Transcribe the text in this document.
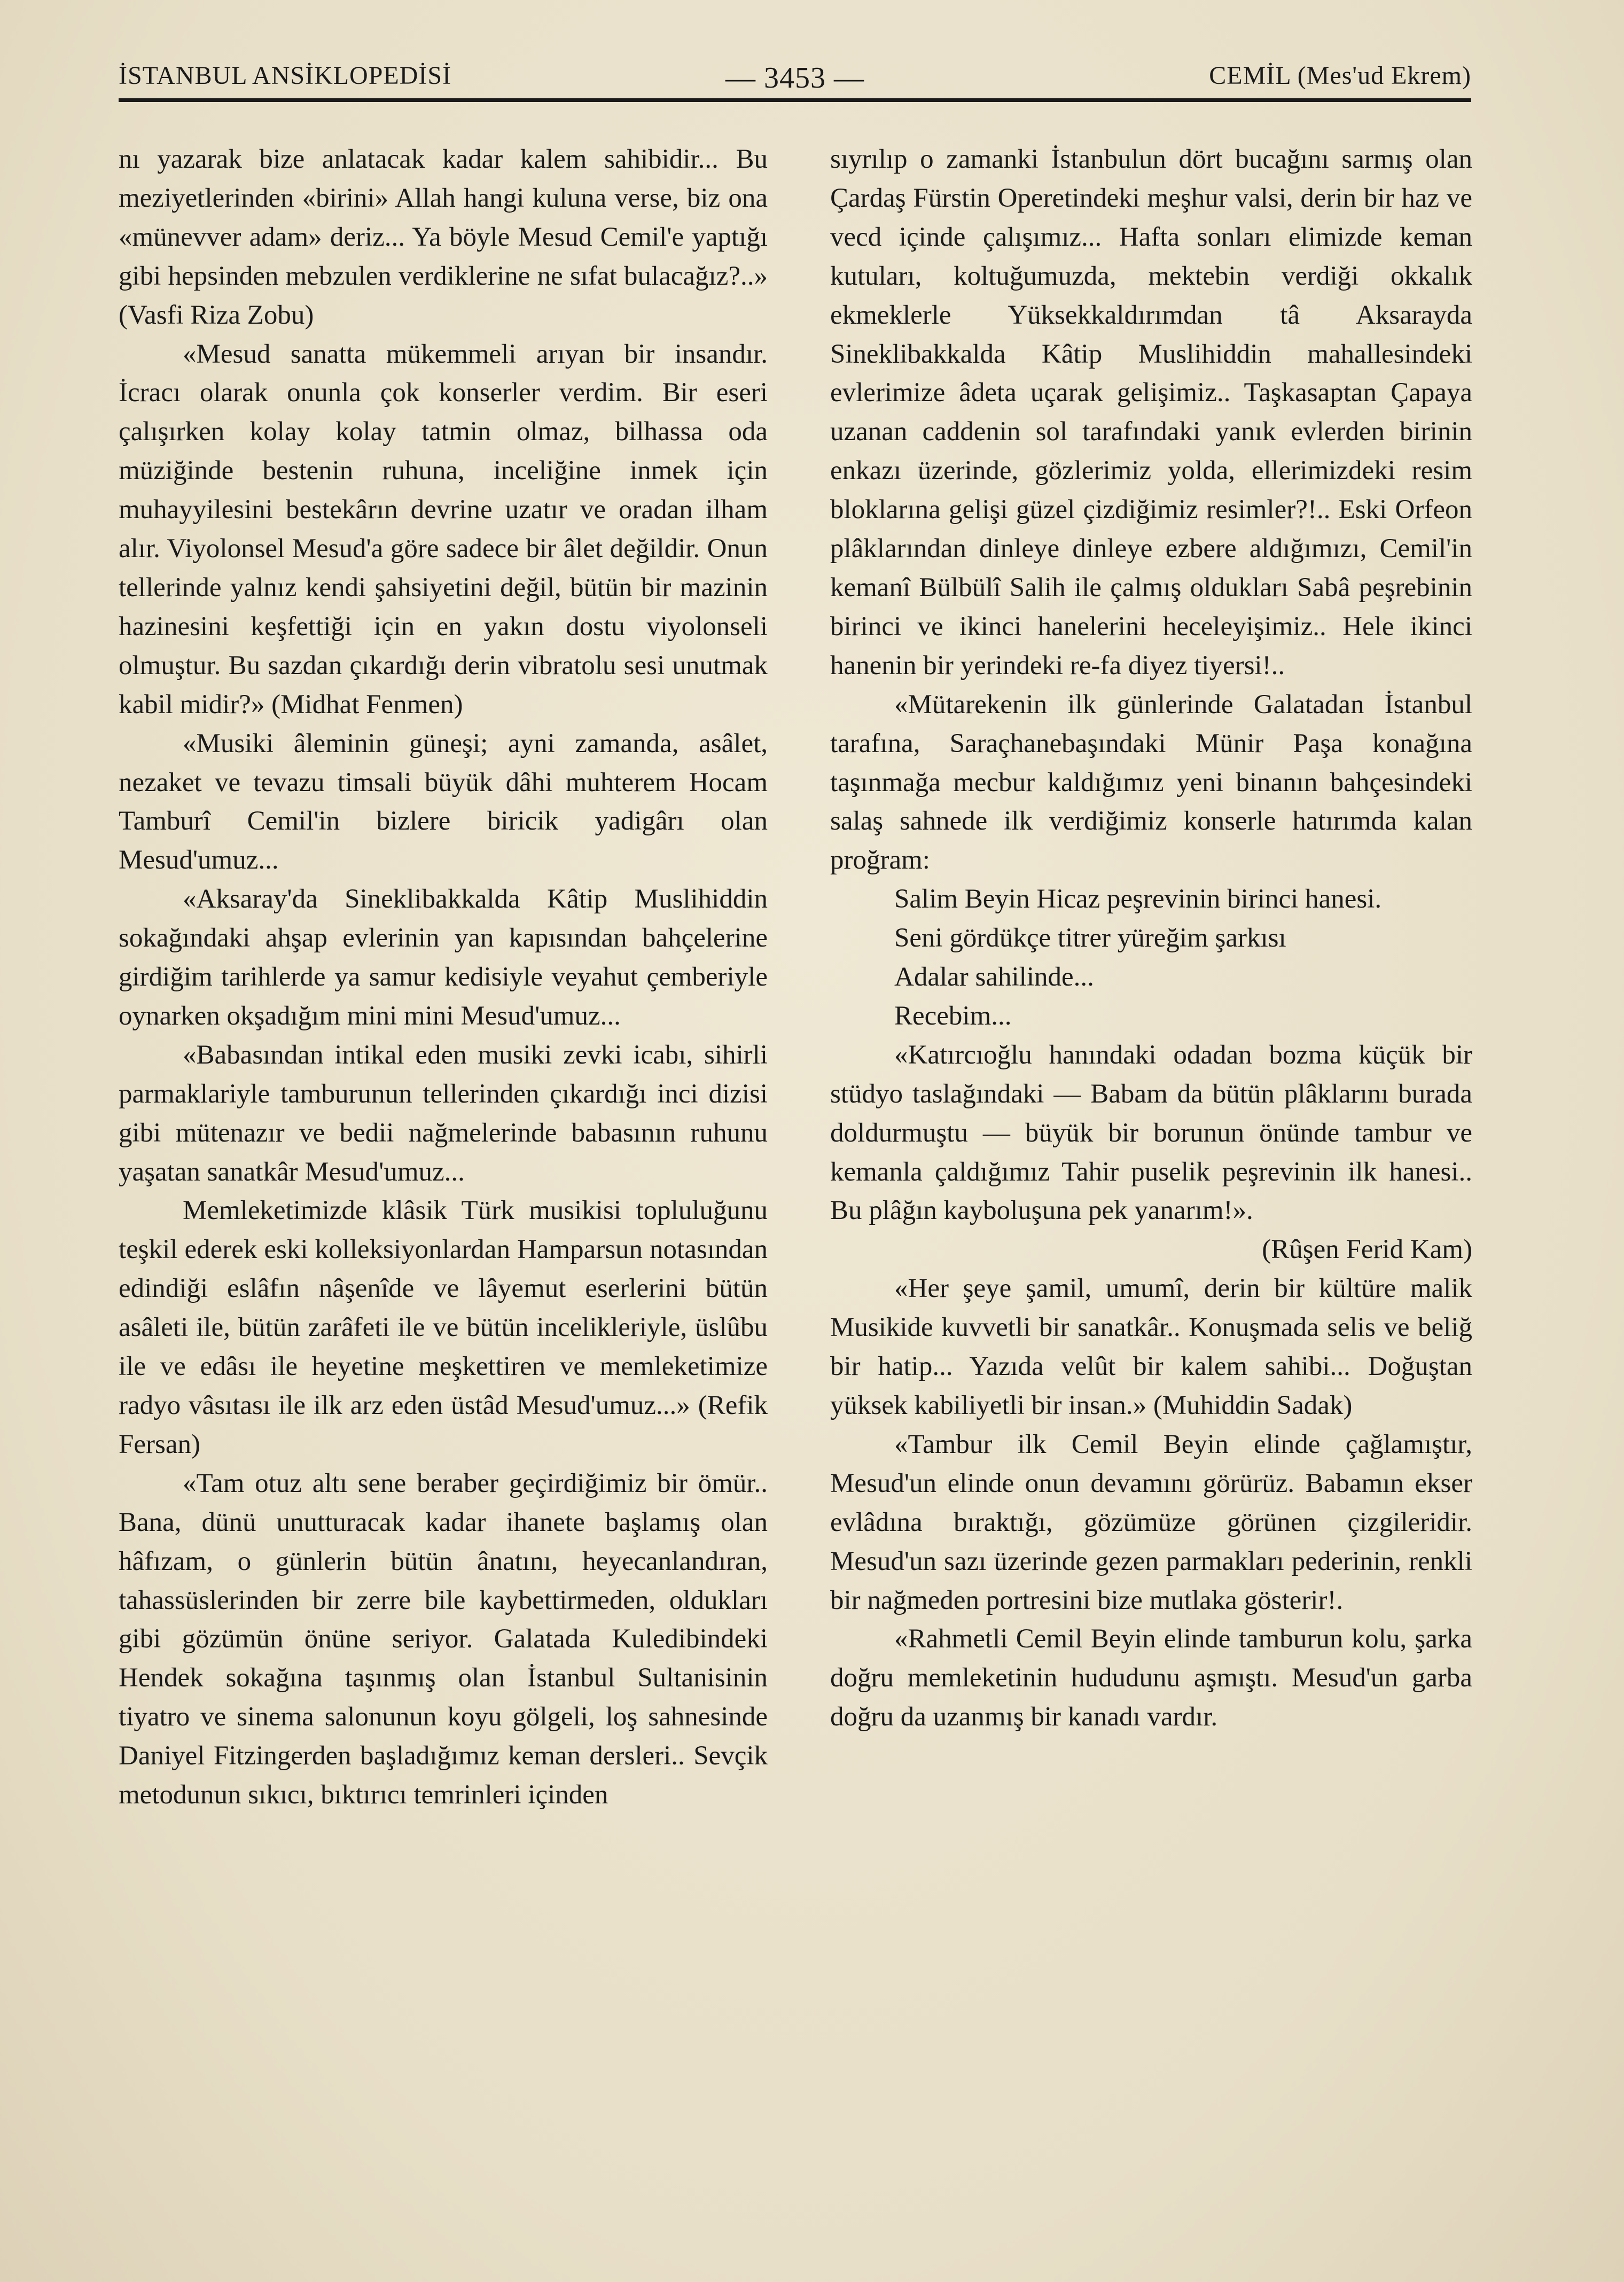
İSTANBUL ANSİKLOPEDİSİ	— 3453 —	CEMİL (Mes'ud Ekrem)

nı yazarak bize anlatacak kadar kalem sahibidir... Bu meziyetlerinden «birini» Allah hangi kuluna verse, biz ona «münevver adam» deriz... Ya böyle Mesud Cemil'e yaptığı gibi hepsinden mebzulen verdiklerine ne sıfat bulacağız?..» (Vasfi Riza Zobu)

«Mesud sanatta mükemmeli arıyan bir insandır. İcracı olarak onunla çok konserler verdim. Bir eseri çalışırken kolay kolay tatmin olmaz, bilhassa oda müziğinde bestenin ruhuna, inceliğine inmek için muhayyilesini bestekârın devrine uzatır ve oradan ilham alır. Viyolonsel Mesud'a göre sadece bir âlet değildir. Onun tellerinde yalnız kendi şahsiyetini değil, bütün bir mazinin hazinesini keşfettiği için en yakın dostu viyolonseli olmuştur. Bu sazdan çıkardığı derin vibratolu sesi unutmak kabil midir?» (Midhat Fenmen)

«Musiki âleminin güneşi; ayni zamanda, asâlet, nezaket ve tevazu timsali büyük dâhi muhterem Hocam Tamburî Cemil'in bizlere biricik yadigârı olan Mesud'umuz...

«Aksaray'da Sineklibakkalda Kâtip Muslihiddin sokağındaki ahşap evlerinin yan kapısından bahçelerine girdiğim tarihlerde ya samur kedisiyle veyahut çemberiyle oynarken okşadığım mini mini Mesud'umuz...

«Babasından intikal eden musiki zevki icabı, sihirli parmaklariyle tamburunun tellerinden çıkardığı inci dizisi gibi mütenazır ve bedii nağmelerinde babasının ruhunu yaşatan sanatkâr Mesud'umuz...

Memleketimizde klâsik Türk musikisi topluluğunu teşkil ederek eski kolleksiyonlardan Hamparsun notasından edindiği eslâfın nâşenîde ve lâyemut eserlerini bütün asâleti ile, bütün zarâfeti ile ve bütün incelikleriyle, üslûbu ile ve edâsı ile heyetine meşkettiren ve memleketimize radyo vâsıtası ile ilk arz eden üstâd Mesud'umuz...» (Refik Fersan)

«Tam otuz altı sene beraber geçirdiğimiz bir ömür.. Bana, dünü unutturacak kadar ihanete başlamış olan hâfızam, o günlerin bütün ânatını, heyecanlandıran, tahassüslerinden bir zerre bile kaybettirmeden, oldukları gibi gözümün önüne seriyor. Galatada Kuledibindeki Hendek sokağına taşınmış olan İstanbul Sultanisinin tiyatro ve sinema salonunun koyu gölgeli, loş sahnesinde Daniyel Fitzingerden başladığımız keman dersleri.. Sevçik metodunun sıkıcı, bıktırıcı temrinleri içinden

sıyrılıp o zamanki İstanbulun dört bucağını sarmış olan Çardaş Fürstin Operetindeki meşhur valsi, derin bir haz ve vecd içinde çalışımız... Hafta sonları elimizde keman kutuları, koltuğumuzda, mektebin verdiği okkalık ekmeklerle Yüksekkaldırımdan tâ Aksarayda Sineklibakkalda Kâtip Muslihiddin mahallesindeki evlerimize âdeta uçarak gelişimiz.. Taşkasaptan Çapaya uzanan caddenin sol tarafındaki yanık evlerden birinin enkazı üzerinde, gözlerimiz yolda, ellerimizdeki resim bloklarına gelişi güzel çizdiğimiz resimler?!.. Eski Orfeon plâklarından dinleye dinleye ezbere aldığımızı, Cemil'in kemanî Bülbülî Salih ile çalmış oldukları Sabâ peşrebinin birinci ve ikinci hanelerini heceleyişimiz.. Hele ikinci hanenin bir yerindeki re-fa diyez tiyersi!..

«Mütarekenin ilk günlerinde Galatadan İstanbul tarafına, Saraçhanebaşındaki Münir Paşa konağına taşınmağa mecbur kaldığımız yeni binanın bahçesindeki salaş sahnede ilk verdiğimiz konserle hatırımda kalan proğram:

Salim Beyin Hicaz peşrevinin birinci hanesi.

Seni gördükçe titrer yüreğim şarkısı

Adalar sahilinde...

Recebim...

«Katırcıoğlu hanındaki odadan bozma küçük bir stüdyo taslağındaki — Babam da bütün plâklarını burada doldurmuştu — büyük bir borunun önünde tambur ve kemanla çaldığımız Tahir puselik peşrevinin ilk hanesi.. Bu plâğın kayboluşuna pek yanarım!».

(Rûşen Ferid Kam)

«Her şeye şamil, umumî, derin bir kültüre malik Musikide kuvvetli bir sanatkâr.. Konuşmada selis ve beliğ bir hatip... Yazıda velût bir kalem sahibi... Doğuştan yüksek kabiliyetli bir insan.» (Muhiddin Sadak)

«Tambur ilk Cemil Beyin elinde çağlamıştır, Mesud'un elinde onun devamını görürüz. Babamın ekser evlâdına bıraktığı, gözümüze görünen çizgileridir. Mesud'un sazı üzerinde gezen parmakları pederinin, renkli bir nağmeden portresini bize mutlaka gösterir!.

«Rahmetli Cemil Beyin elinde tamburun kolu, şarka doğru memleketinin hududunu aşmıştı. Mesud'un garba doğru da uzanmış bir kanadı vardır.
